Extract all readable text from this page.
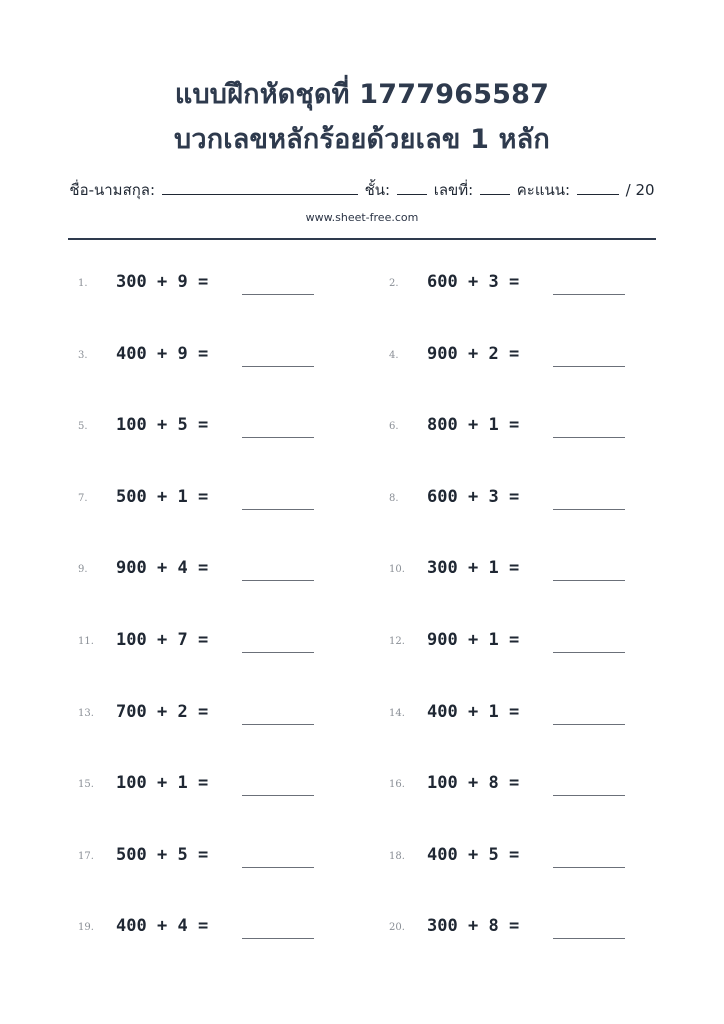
แบบฝึกหัดชุดที่ 1777965587
บวกเลขหลักร้อยด้วยเลข 1 หลัก
ชื่อ-นามสกุล:	ชั้น:	เลขที่:	คะแนน:	/ 20
www.sheet-free.com
1. 300 + 9 =	2. 600 + 3 =
3. 400 + 9 =	4. 900 + 2 =
5. 100 + 5 =	6. 800 + 1 =
7. 500 + 1 =	8. 600 + 3 =
9. 900 + 4 =	10. 300 + 1 =
11. 100 + 7 =	12. 900 + 1 =
13. 700 + 2 =	14. 400 + 1 =
15. 100 + 1 =	16. 100 + 8 =
17. 500 + 5 =	18. 400 + 5 =
19. 400 + 4 =	20. 300 + 8 =
